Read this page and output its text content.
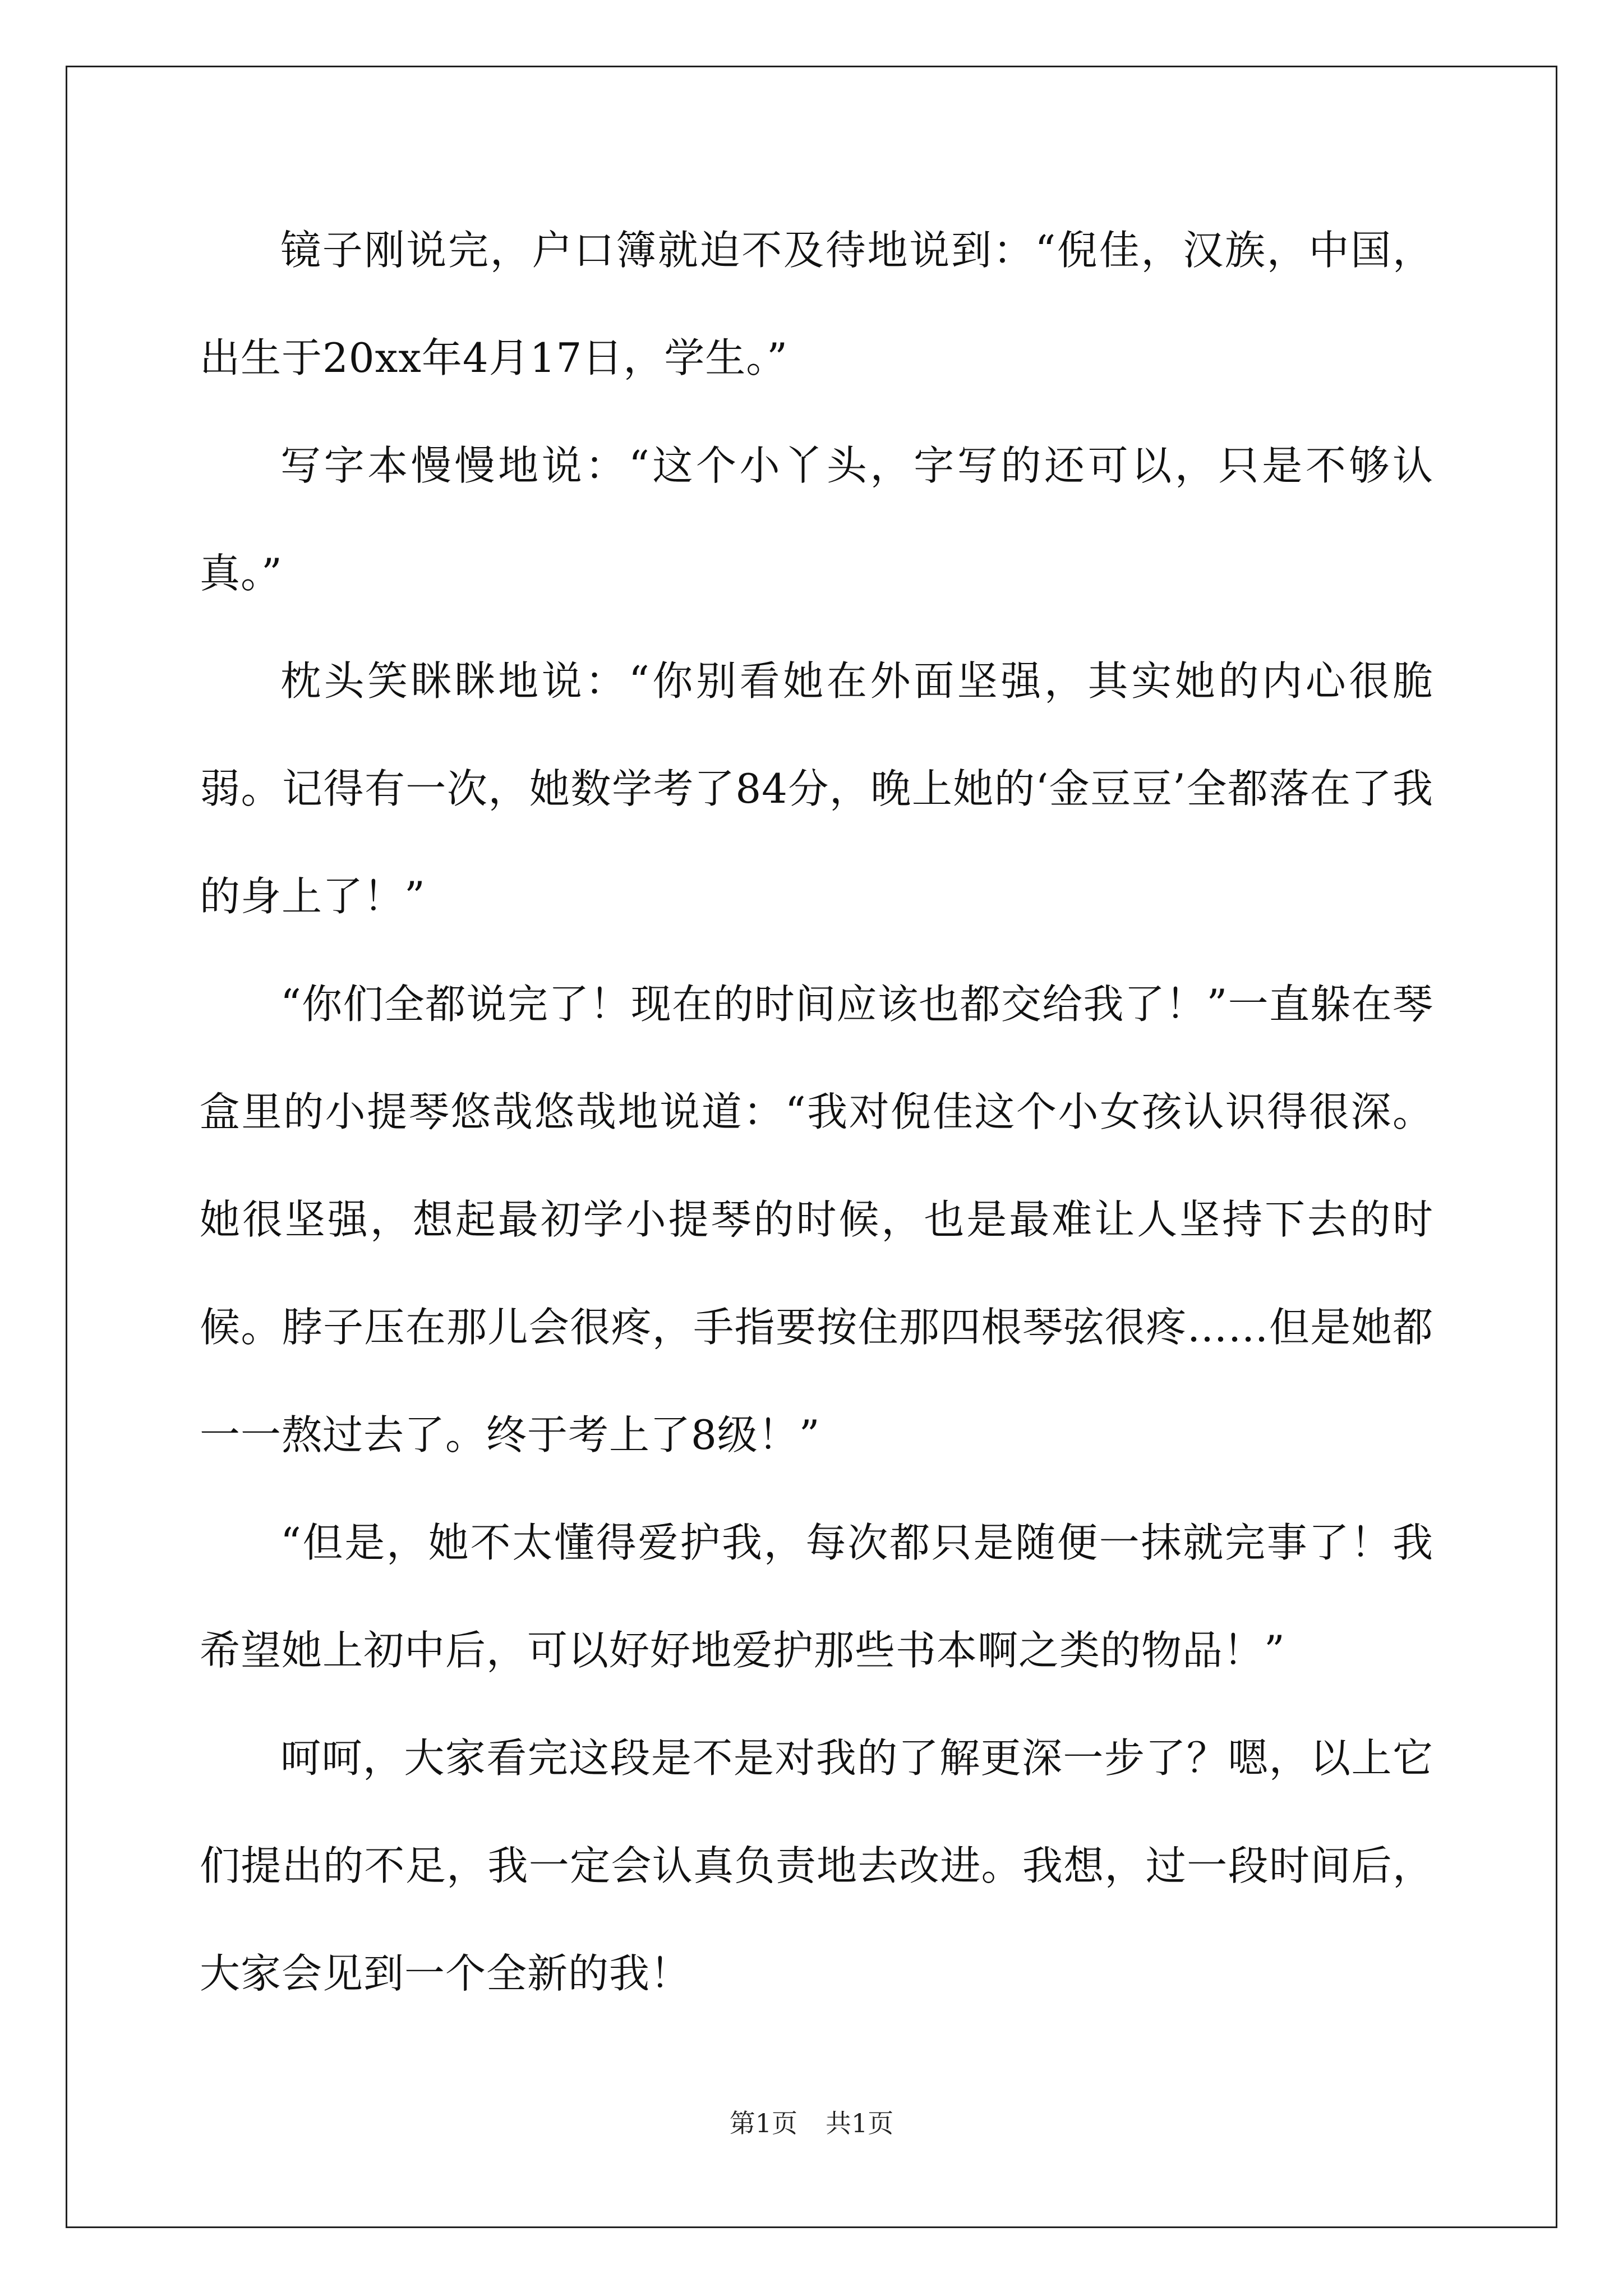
镜子刚说完，户口簿就迫不及待地说到：“倪佳，汉族，中国，出生于20xx年4月17日，学生。”

写字本慢慢地说：“这个小丫头，字写的还可以，只是不够认真。”

枕头笑眯眯地说：“你别看她在外面坚强，其实她的内心很脆弱。记得有一次，她数学考了84分，晚上她的‘金豆豆’全都落在了我的身上了！”

“你们全都说完了！现在的时间应该也都交给我了！”一直躲在琴盒里的小提琴悠哉悠哉地说道：“我对倪佳这个小女孩认识得很深。她很坚强，想起最初学小提琴的时候，也是最难让人坚持下去的时候。脖子压在那儿会很疼，手指要按住那四根琴弦很疼……但是她都一一熬过去了。终于考上了8级！”

“但是，她不太懂得爱护我，每次都只是随便一抹就完事了！我希望她上初中后，可以好好地爱护那些书本啊之类的物品！”

呵呵，大家看完这段是不是对我的了解更深一步了？嗯，以上它们提出的不足，我一定会认真负责地去改进。我想，过一段时间后，大家会见到一个全新的我！

第1页 共1页
